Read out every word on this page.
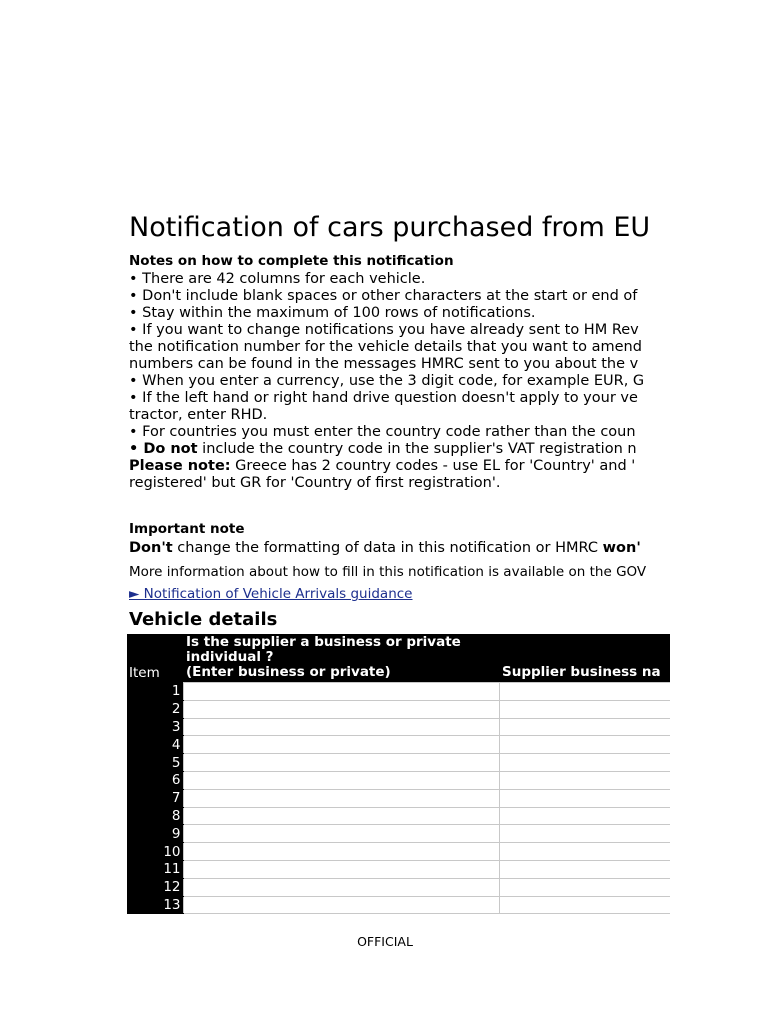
Notification of cars purchased from EU
Notes on how to complete this notification
• There are 42 columns for each vehicle.
• Don't include blank spaces or other characters at the start or end of
• Stay within the maximum of 100 rows of notifications.
• If you want to change notifications you have already sent to HM Rev
the notification number for the vehicle details that you want to amend
numbers can be found in the messages HMRC sent to you about the v
• When you enter a currency, use the 3 digit code, for example EUR, G
• If the left hand or right hand drive question doesn't apply to your ve
tractor, enter RHD.
• For countries you must enter the country code rather than the coun
• Do not include the country code in the supplier's VAT registration n
Please note: Greece has 2 country codes - use EL for 'Country' and '
registered' but GR for 'Country of first registration'.
Important note
Don't change the formatting of data in this notification or HMRC won'
More information about how to fill in this notification is available on the GOV
► Notification of Vehicle Arrivals guidance
Vehicle details
Item	Is the supplier a business or private
individual ?
(Enter business or private)	Supplier business na

1		
2		
3		
4		
5		
6		
7		
8		
9		
10		
11		
12		
13		
OFFICIAL
